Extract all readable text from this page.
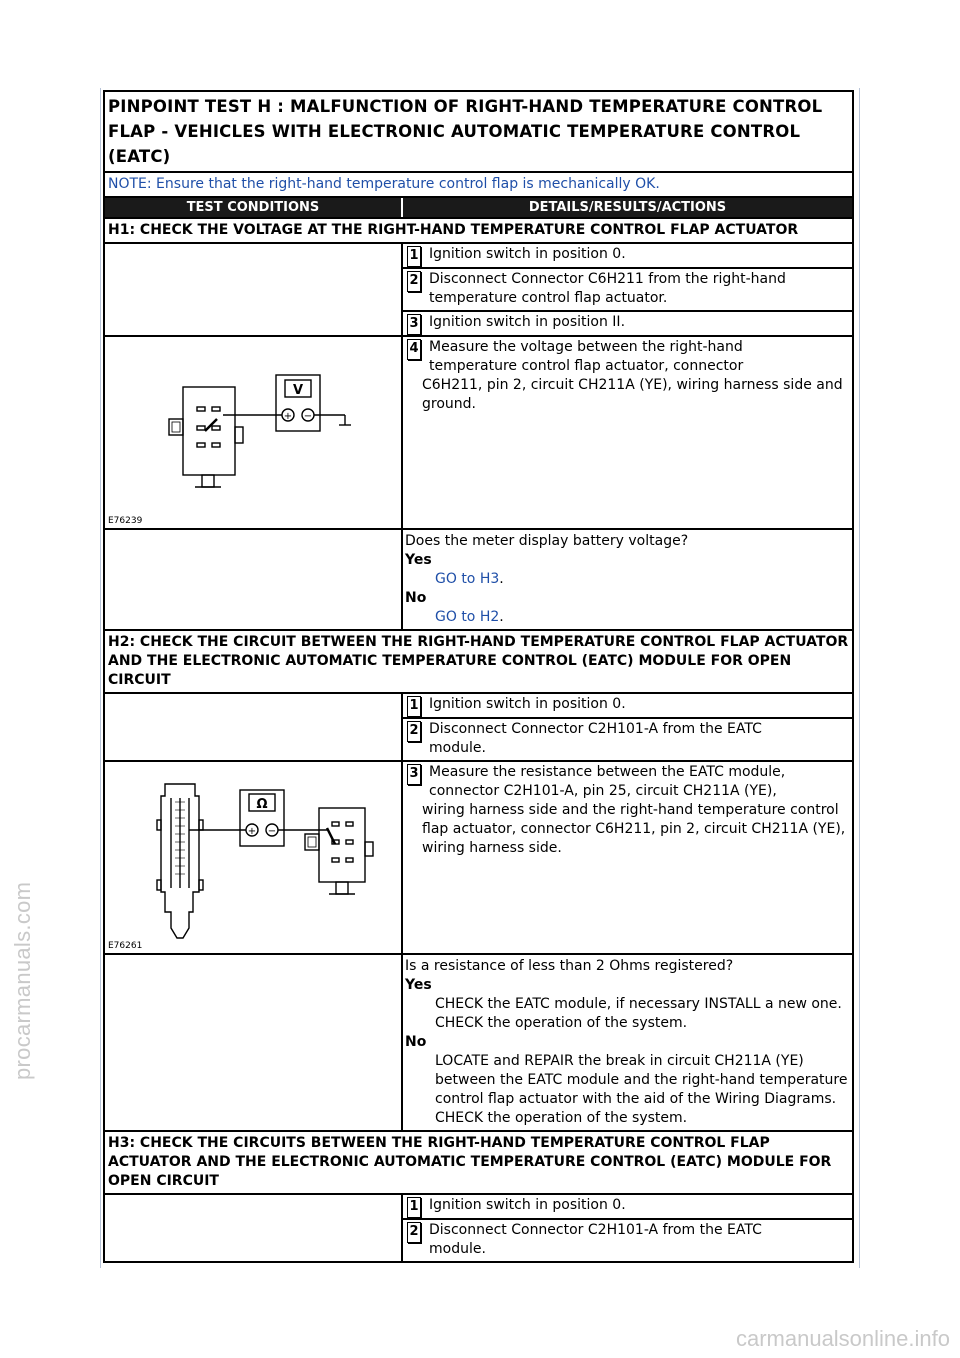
procarmanuals.com
carmanualsonline.info
PINPOINT TEST H : MALFUNCTION OF RIGHT-HAND TEMPERATURE CONTROL FLAP - VEHICLES WITH ELECTRONIC AUTOMATIC TEMPERATURE CONTROL (EATC)
NOTE: Ensure that the right-hand temperature control flap is mechanically OK.
TEST CONDITIONS	DETAILS/RESULTS/ACTIONS
H1: CHECK THE VOLTAGE AT THE RIGHT-HAND TEMPERATURE CONTROL FLAP ACTUATOR
1 Ignition switch in position 0.
2 Disconnect Connector C6H211 from the right-hand
temperature control flap actuator.
3 Ignition switch in position II.
V
+ −
E76239
4 Measure the voltage between the right-hand
temperature control flap actuator, connector
C6H211, pin 2, circuit CH211A (YE), wiring harness side and ground.
Does the meter display battery voltage?
Yes
GO to H3.
No
GO to H2.
H2: CHECK THE CIRCUIT BETWEEN THE RIGHT-HAND TEMPERATURE CONTROL FLAP ACTUATOR AND THE ELECTRONIC AUTOMATIC TEMPERATURE CONTROL (EATC) MODULE FOR OPEN CIRCUIT
1 Ignition switch in position 0.
2 Disconnect Connector C2H101-A from the EATC
module.
Ω
+ −
E76261
3 Measure the resistance between the EATC module,
connector C2H101-A, pin 25, circuit CH211A (YE),
wiring harness side and the right-hand temperature control flap actuator, connector C6H211, pin 2, circuit CH211A (YE), wiring harness side.
Is a resistance of less than 2 Ohms registered?
Yes
CHECK the EATC module, if necessary INSTALL a new one. CHECK the operation of the system.
No
LOCATE and REPAIR the break in circuit CH211A (YE) between the EATC module and the right-hand temperature control flap actuator with the aid of the Wiring Diagrams. CHECK the operation of the system.
H3: CHECK THE CIRCUITS BETWEEN THE RIGHT-HAND TEMPERATURE CONTROL FLAP ACTUATOR AND THE ELECTRONIC AUTOMATIC TEMPERATURE CONTROL (EATC) MODULE FOR OPEN CIRCUIT
1 Ignition switch in position 0.
2 Disconnect Connector C2H101-A from the EATC
module.
